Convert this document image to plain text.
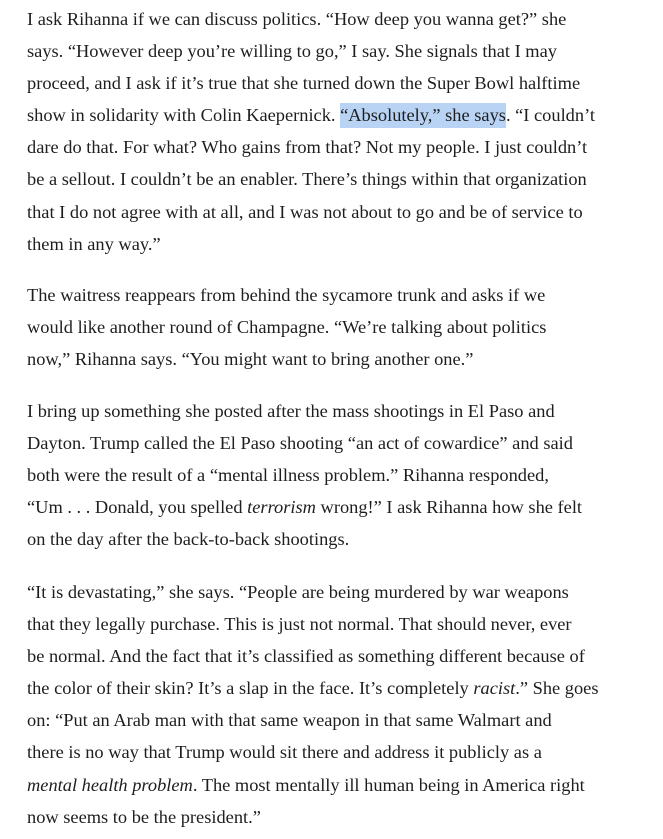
I ask Rihanna if we can discuss politics. “How deep you wanna get?” she
says. “However deep you’re willing to go,” I say. She signals that I may
proceed, and I ask if it’s true that she turned down the Super Bowl halftime
show in solidarity with Colin Kaepernick. “Absolutely,” she says. “I couldn’t
dare do that. For what? Who gains from that? Not my people. I just couldn’t
be a sellout. I couldn’t be an enabler. There’s things within that organization
that I do not agree with at all, and I was not about to go and be of service to
them in any way.”

The waitress reappears from behind the sycamore trunk and asks if we
would like another round of Champagne. “We’re talking about politics
now,” Rihanna says. “You might want to bring another one.”

I bring up something she posted after the mass shootings in El Paso and
Dayton. Trump called the El Paso shooting “an act of cowardice” and said
both were the result of a “mental illness problem.” Rihanna responded,
“Um . . . Donald, you spelled terrorism wrong!” I ask Rihanna how she felt
on the day after the back-to-back shootings.

“It is devastating,” she says. “People are being murdered by war weapons
that they legally purchase. This is just not normal. That should never, ever
be normal. And the fact that it’s classified as something different because of
the color of their skin? It’s a slap in the face. It’s completely racist.” She goes
on: “Put an Arab man with that same weapon in that same Walmart and
there is no way that Trump would sit there and address it publicly as a
mental health problem. The most mentally ill human being in America right
now seems to be the president.”
